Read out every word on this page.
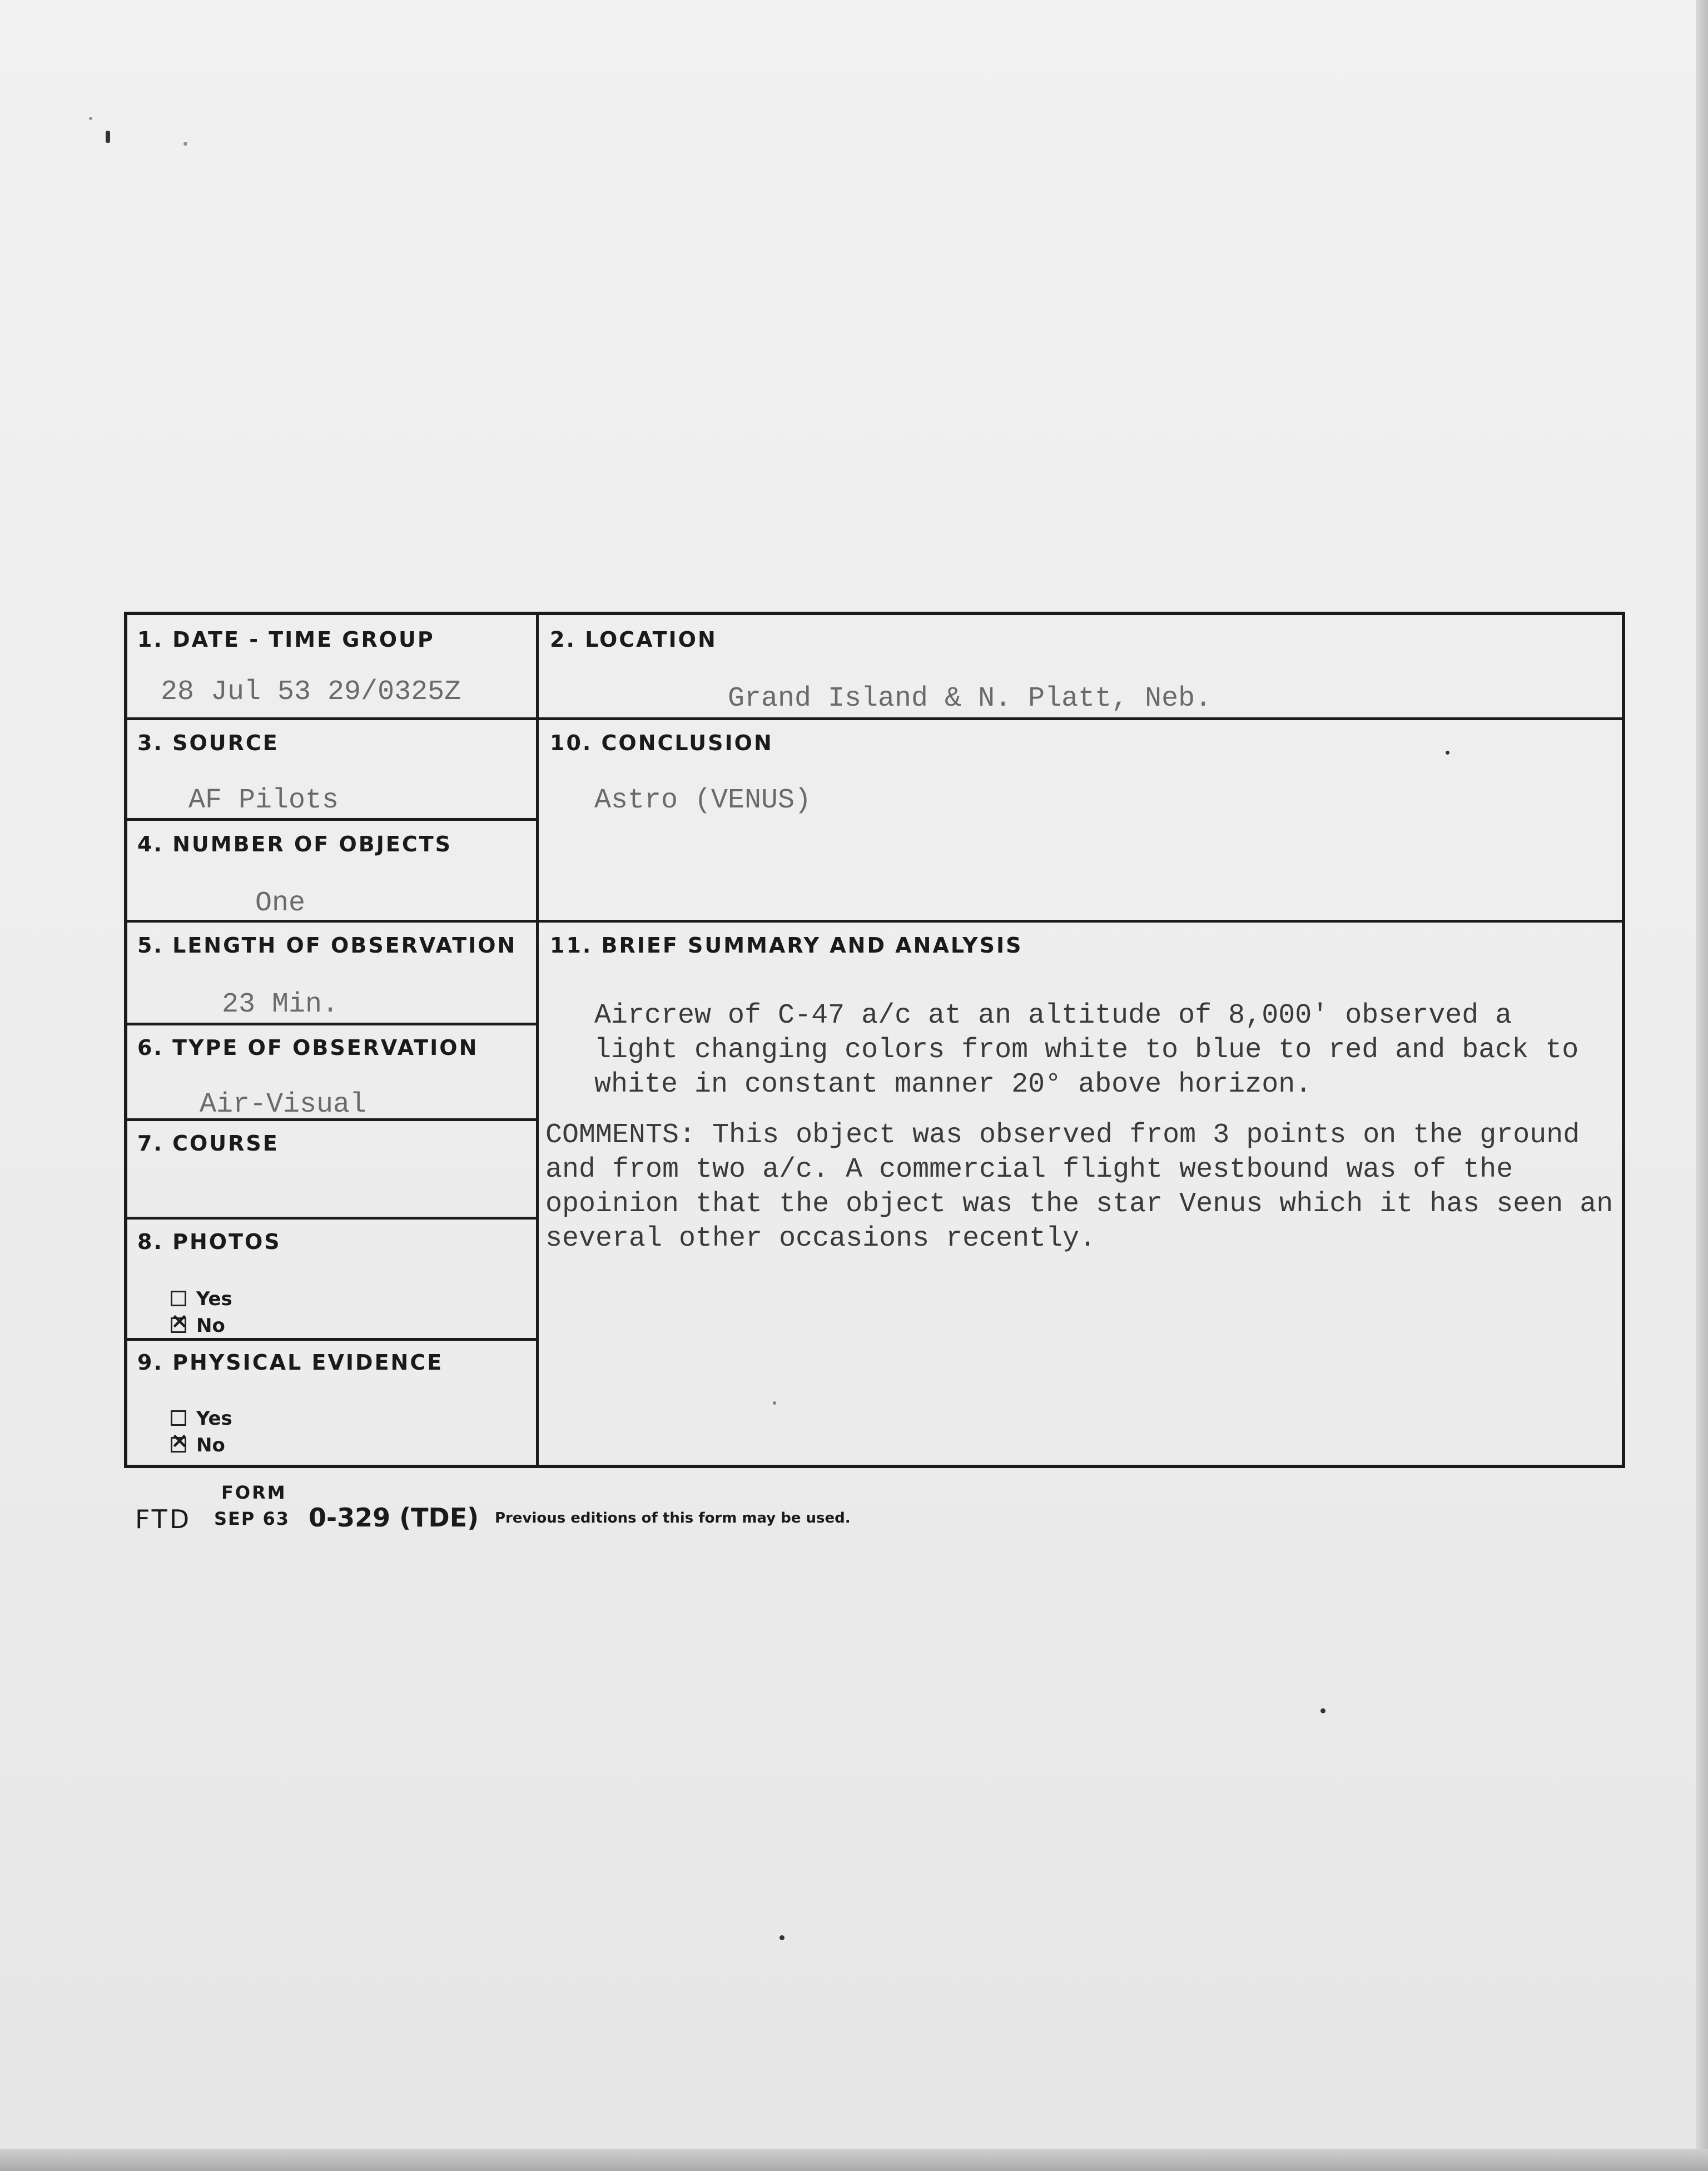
1. DATE - TIME GROUP
28 Jul 53 29/0325Z
2. LOCATION
Grand Island & N. Platt, Neb.
3. SOURCE
AF Pilots
4. NUMBER OF OBJECTS
One
10. CONCLUSION
Astro (VENUS)
5. LENGTH OF OBSERVATION
23 Min.
6. TYPE OF OBSERVATION
Air-Visual
7. COURSE
8. PHOTOS
Yes
×No
9. PHYSICAL EVIDENCE
Yes
×No
11. BRIEF SUMMARY AND ANALYSIS
Aircrew of C-47 a/c at an altitude of 8,000' observed a light changing colors from white to blue to red and back to white in constant manner 20° above horizon.
COMMENTS: This object was observed from 3 points on the ground and from two a/c. A commercial flight westbound was of the opoinion that the object was the star Venus which it has seen an several other occasions recently.
FORM
FTD SEP 63 0-329 (TDE) Previous editions of this form may be used.
